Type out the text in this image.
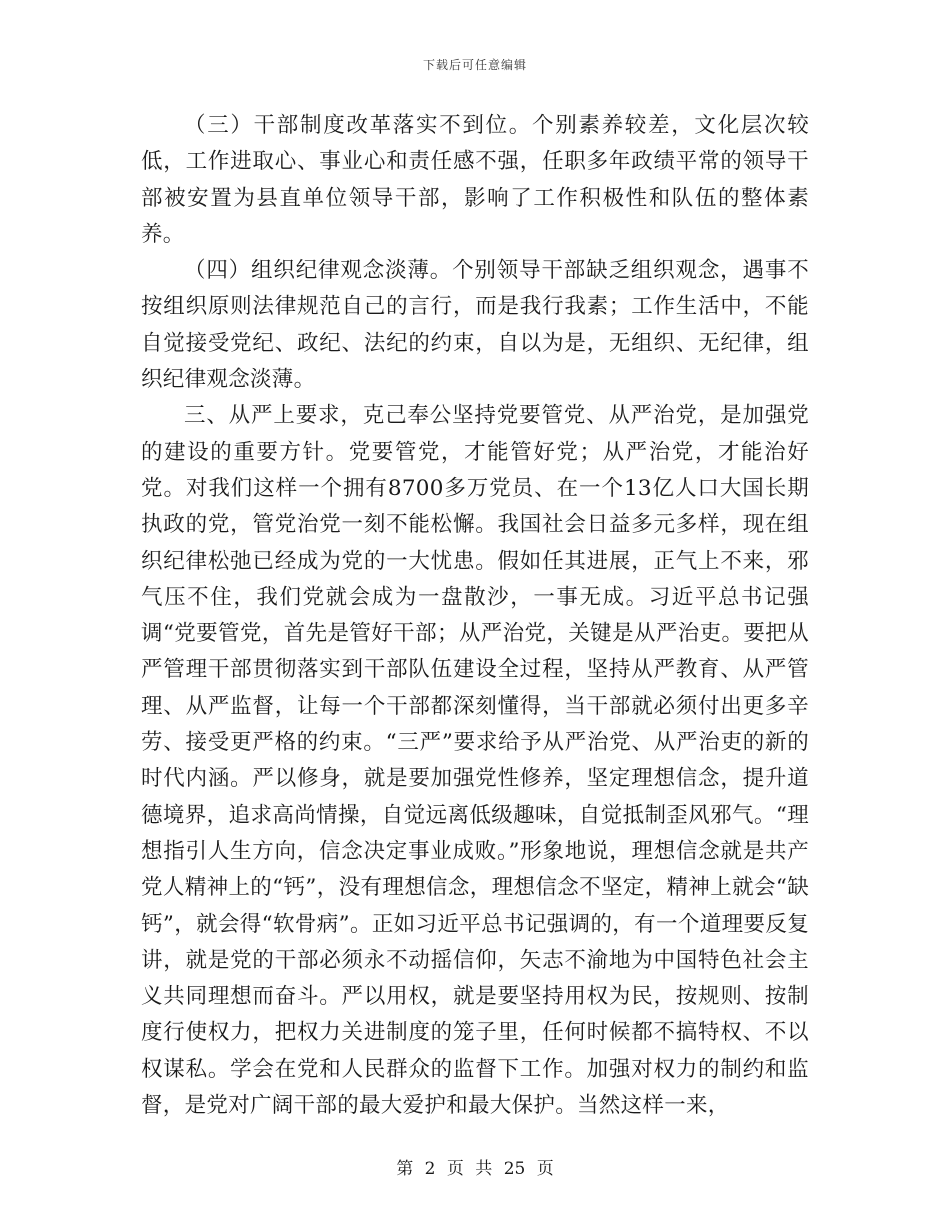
下载后可任意编辑

（三）干部制度改革落实不到位。个别素养较差，文化层次较低，工作进取心、事业心和责任感不强，任职多年政绩平常的领导干部被安置为县直单位领导干部，影响了工作积极性和队伍的整体素养。

（四）组织纪律观念淡薄。个别领导干部缺乏组织观念，遇事不按组织原则法律规范自己的言行，而是我行我素；工作生活中，不能自觉接受党纪、政纪、法纪的约束，自以为是，无组织、无纪律，组织纪律观念淡薄。

三、从严上要求，克己奉公坚持党要管党、从严治党，是加强党的建设的重要方针。党要管党，才能管好党；从严治党，才能治好党。对我们这样一个拥有8700多万党员、在一个13亿人口大国长期执政的党，管党治党一刻不能松懈。我国社会日益多元多样，现在组织纪律松弛已经成为党的一大忧患。假如任其进展，正气上不来，邪气压不住，我们党就会成为一盘散沙，一事无成。习近平总书记强调“党要管党，首先是管好干部；从严治党，关键是从严治吏。要把从严管理干部贯彻落实到干部队伍建设全过程，坚持从严教育、从严管理、从严监督，让每一个干部都深刻懂得，当干部就必须付出更多辛劳、接受更严格的约束。“三严”要求给予从严治党、从严治吏的新的时代内涵。严以修身，就是要加强党性修养，坚定理想信念，提升道德境界，追求高尚情操，自觉远离低级趣味，自觉抵制歪风邪气。“理想指引人生方向，信念决定事业成败。”形象地说，理想信念就是共产党人精神上的“钙”，没有理想信念，理想信念不坚定，精神上就会“缺钙”，就会得“软骨病”。正如习近平总书记强调的，有一个道理要反复讲，就是党的干部必须永不动摇信仰，矢志不渝地为中国特色社会主义共同理想而奋斗。严以用权，就是要坚持用权为民，按规则、按制度行使权力，把权力关进制度的笼子里，任何时候都不搞特权、不以权谋私。学会在党和人民群众的监督下工作。加强对权力的制约和监督，是党对广阔干部的最大爱护和最大保护。当然这样一来，

第 2 页 共 25 页
